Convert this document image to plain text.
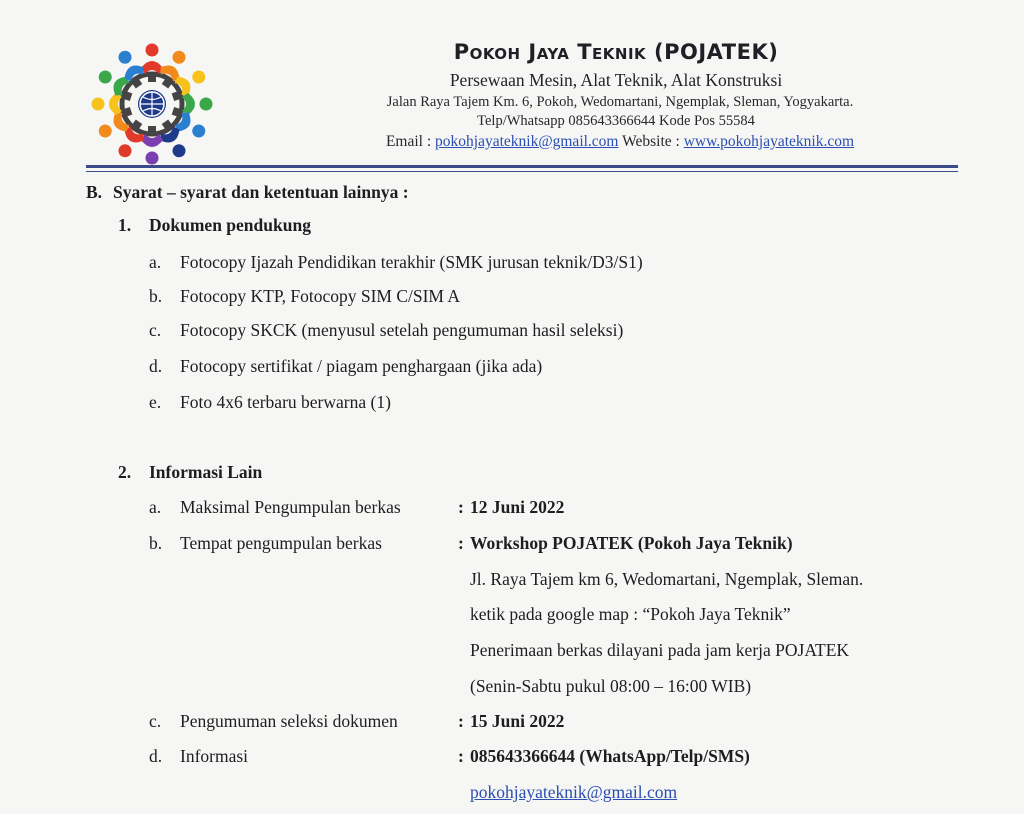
Pokoh Jaya Teknik (POJATEK)
Persewaan Mesin, Alat Teknik, Alat Konstruksi
Jalan Raya Tajem Km. 6, Pokoh, Wedomartani, Ngemplak, Sleman, Yogyakarta.
Telp/Whatsapp 085643366644 Kode Pos 55584
Email : pokohjayateknik@gmail.com Website : www.pokohjayateknik.com
B. Syarat – syarat dan ketentuan lainnya :
1. Dokumen pendukung
a. Fotocopy Ijazah Pendidikan terakhir (SMK jurusan teknik/D3/S1)
b. Fotocopy KTP, Fotocopy SIM C/SIM A
c. Fotocopy SKCK (menyusul setelah pengumuman hasil seleksi)
d. Fotocopy sertifikat / piagam penghargaan (jika ada)
e. Foto 4x6 terbaru berwarna (1)
2. Informasi Lain
a. Maksimal Pengumpulan berkas	: 12 Juni 2022
b. Tempat pengumpulan berkas	: Workshop POJATEK (Pokoh Jaya Teknik)
Jl. Raya Tajem km 6, Wedomartani, Ngemplak, Sleman.
ketik pada google map : “Pokoh Jaya Teknik”
Penerimaan berkas dilayani pada jam kerja POJATEK
(Senin-Sabtu pukul 08:00 – 16:00 WIB)
c. Pengumuman seleksi dokumen	: 15 Juni 2022
d. Informasi	: 085643366644 (WhatsApp/Telp/SMS)
pokohjayateknik@gmail.com
